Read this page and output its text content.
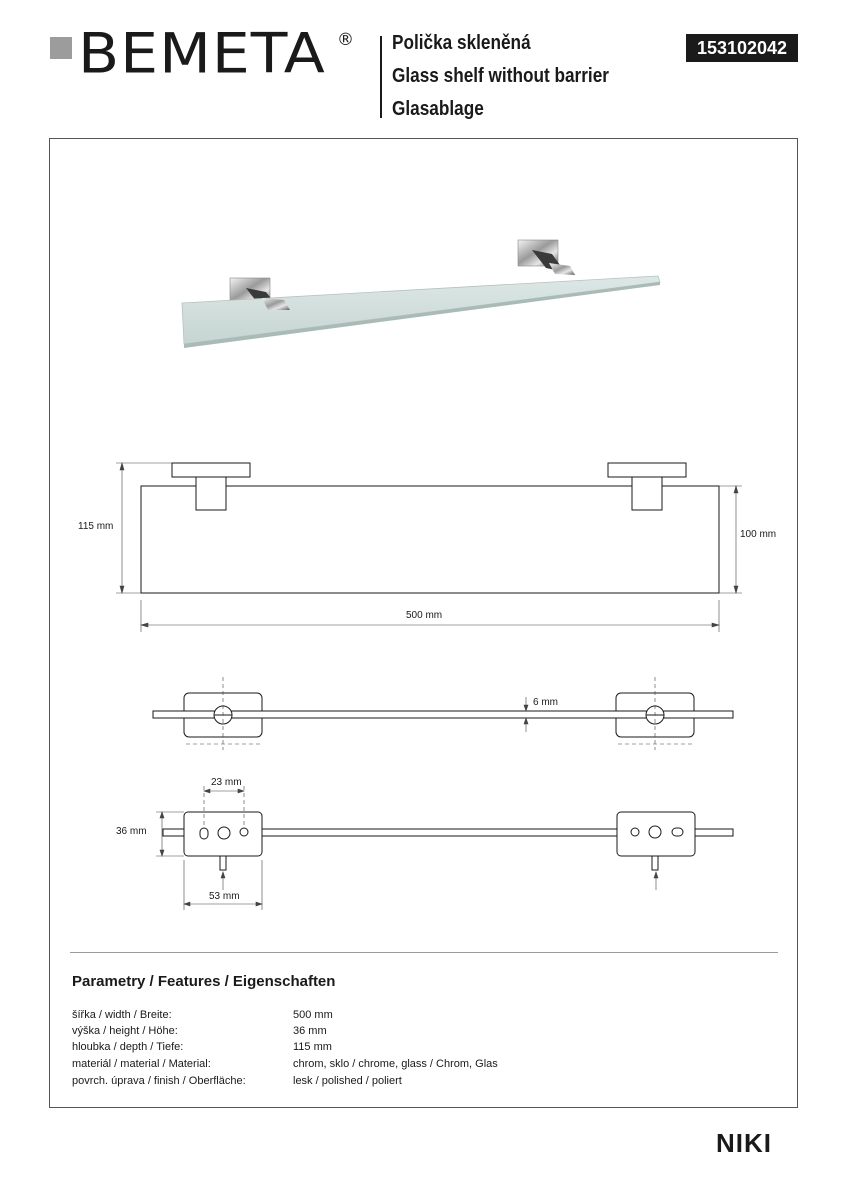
BEMETA ® Polička skleněná
Glass shelf without barrier
Glasablage
153102042
115 mm
100 mm
500 mm
6 mm
23 mm
36 mm
53 mm
Parametry / Features / Eigenschaften
šířka / width / Breite:	500 mm
výška / height / Höhe:	36 mm
hloubka / depth / Tiefe:	115 mm
materiál / material / Material:	chrom, sklo / chrome, glass / Chrom, Glas
povrch. úprava / finish / Oberfläche:	lesk / polished / poliert
NIKI
